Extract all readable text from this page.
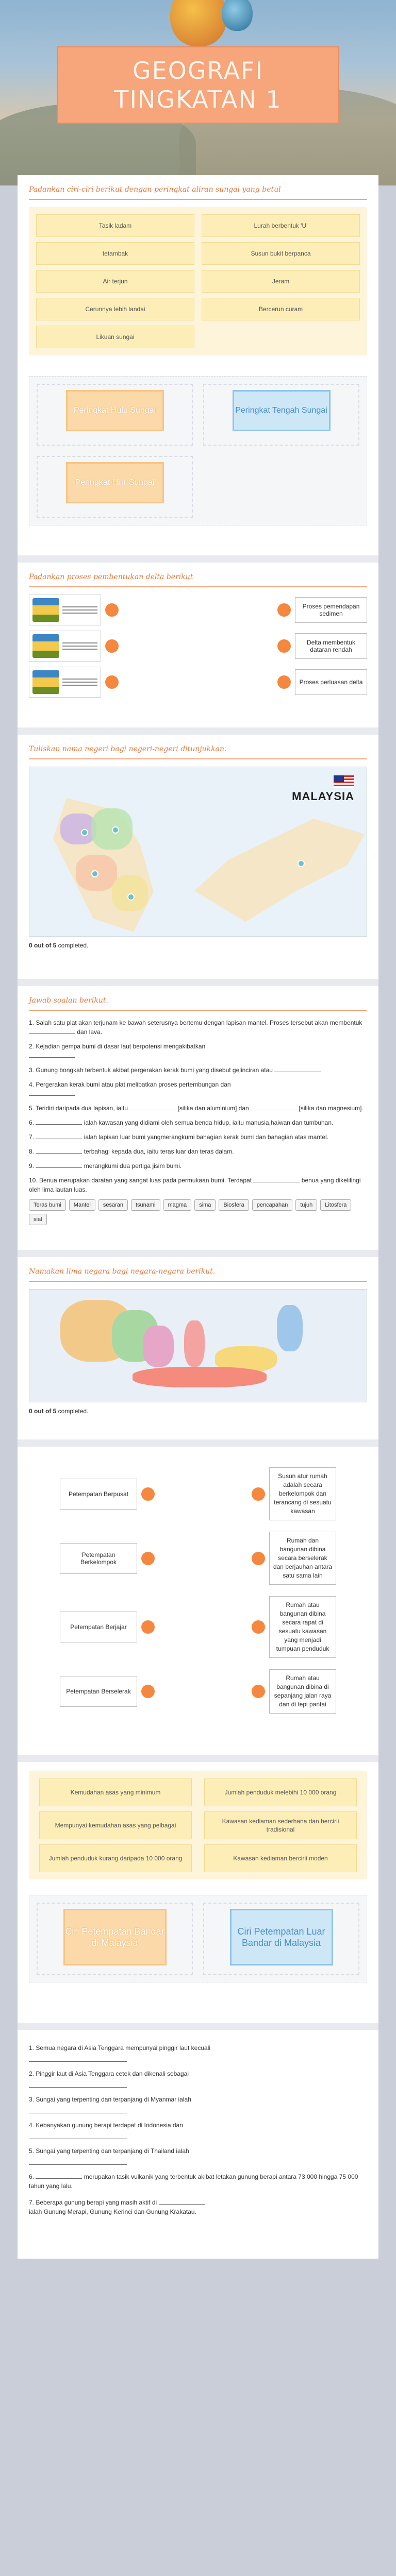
GEOGRAFI
TINGKATAN 1
Padankan ciri-ciri berikut dengan peringkat aliran sungai yang betul
Tasik ladam	Lurah berbentuk 'U'
tetambak	Susun bukit berpanca
Air terjun	Jeram
Cerunnya lebih landai	Bercerun curam
Likuan sungai
Peringkat Hulu Sungai	Peringkat Tengah Sungai
Peringkat Hilir Sungai
Padankan proses pembentukan delta berikut
Proses pemendapan sedimen
Delta membentuk dataran rendah
Proses perluasan delta
Tuliskan nama negeri bagi negeri-negeri ditunjukkan.
MALAYSIA
0 out of 5 completed.
Jawab soalan berikut.

1. Salah satu plat akan terjunam ke bawah seterusnya bertemu dengan lapisan mantel. Proses tersebut akan membentuk  dan lava.

2. Kejadian gempa bumi di dasar laut berpotensi mengakibatkan

3. Gunung bongkah terbentuk akibat pergerakan kerak bumi yang disebut gelinciran atau

4. Pergerakan kerak bumi atau plat melibatkan proses pertembungan dan

5. Teridiri daripada dua lapisan, iaitu	[silika dan aluminium] dan	[silika dan magnesium].

6.	ialah kawasan yang didiami oleh semua benda hidup, iaitu manusia,haiwan dan tumbuhan.

7.	ialah lapisan luar bumi yangmerangkumi bahagian kerak bumi dan bahagian atas mantel.

8.	terbahagi kepada dua, iaitu teras luar dan teras dalam.

9.	merangkumi dua pertiga jisim bumi.

10. Benua merupakan daratan yang sangat luas pada permukaan bumi. Terdapat	benua yang dikelilingi oleh lima lautan luas.

Teras bumi	Mantel	sesaran	tsunami	magma	sima	Biosfera	pencapahan	tujuh	Litosfera
sial
Namakan lima negara bagi negara-negara berikut.
0 out of 5 completed.
Petempatan Berpusat
Susun atur rumah adalah secara berkelompok dan terancang di sesuatu kawasan
Petempatan Berkelompok
Rumah dan bangunan dibina secara berselerak dan berjauhan antara satu sama lain
Petempatan Berjajar
Rumah atau bangunan dibina secara rapat di sesuatu kawasan yang menjadi tumpuan penduduk
Petempatan Berselerak
Rumah atau bangunan dibina di sepanjang jalan raya dan di tepi pantai
Kemudahan asas yang minimum	Jumlah penduduk melebihi 10 000 orang
Mempunyai kemudahan asas yang pelbagai
Kawasan kediaman sederhana dan bercirii tradisional
Jumlah penduduk kurang daripada 10 000 orang	Kawasan kediaman bercirii moden
Ciri Petempatan Bandar di Malaysia
Ciri Petempatan Luar Bandar di Malaysia

1. Semua negara di Asia Tenggara mempunyai pinggir laut kecuali

2. Pinggir laut di Asia Tenggara cetek dan dikenali sebagai

3. Sungai yang terpenting dan terpanjang di Myanmar ialah

4. Kebanyakan gunung berapi terdapat di Indonesia dan

5. Sungai yang terpenting dan terpanjang di Thailand ialah

6.	merupakan tasik vulkanik yang terbentuk akibat letakan gunung berapi antara 73 000 hingga 75 000 tahun yang lalu.

7. Beberapa gunung berapi yang masih aktif di
ialah Gunung Merapi, Gunung Kerinci dan Gunung Krakatau.
